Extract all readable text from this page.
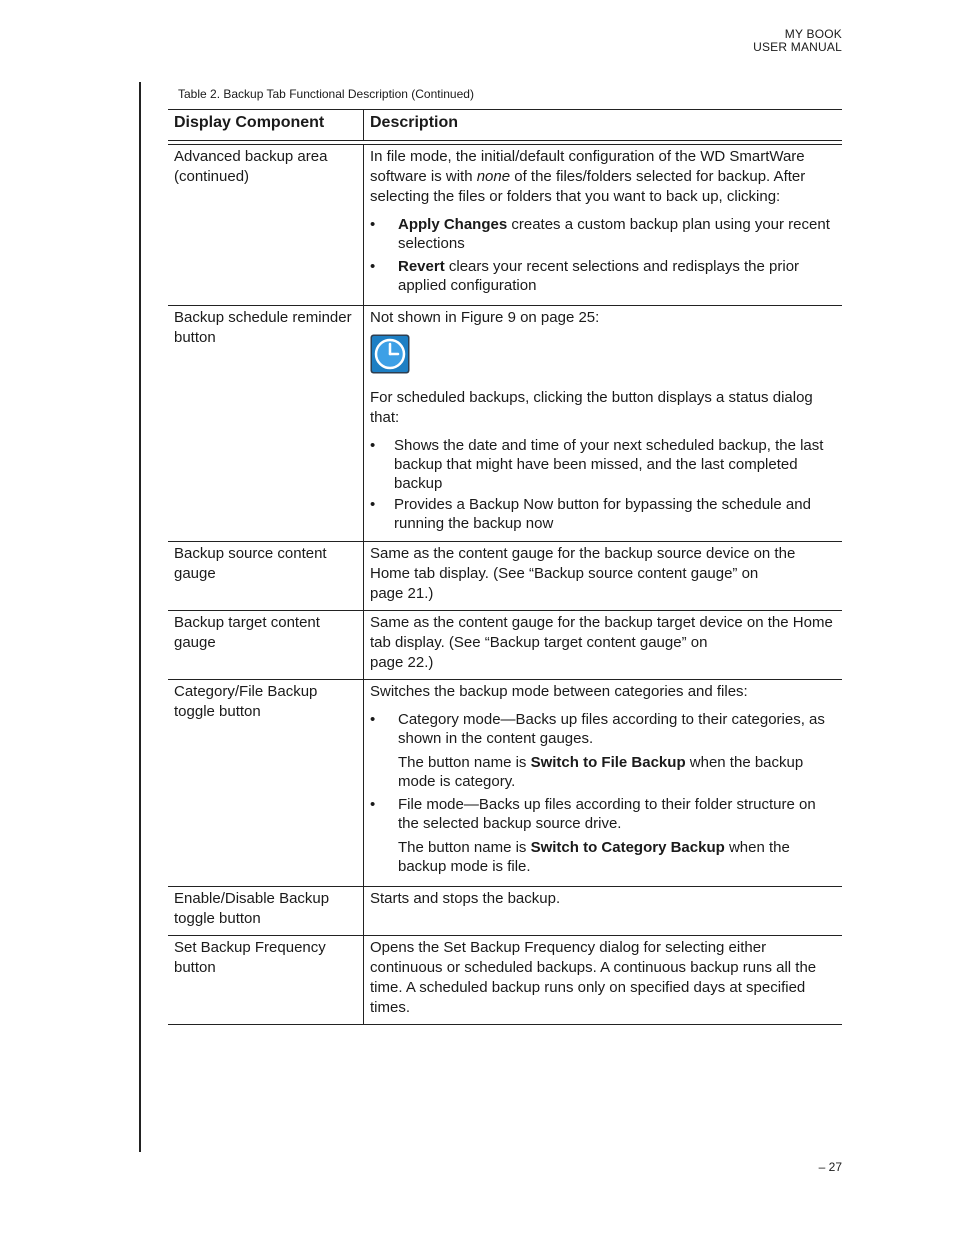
MY BOOK
USER MANUAL
Table 2. Backup Tab Functional Description (Continued)
Display Component	Description
Advanced backup area (continued)

In file mode, the initial/default configuration of the WD SmartWare software is with none of the files/folders selected for backup. After selecting the files or folders that you want to back up, clicking:

• Apply Changes creates a custom backup plan using your recent selections
• Revert clears your recent selections and redisplays the prior applied configuration
Backup schedule reminder button

Not shown in Figure 9 on page 25:

For scheduled backups, clicking the button displays a status dialog that:

• Shows the date and time of your next scheduled backup, the last backup that might have been missed, and the last completed backup
• Provides a Backup Now button for bypassing the schedule and running the backup now
Backup source content gauge

Same as the content gauge for the backup source device on the Home tab display. (See “Backup source content gauge” on

page 21.)

Backup target content gauge

Same as the content gauge for the backup target device on the Home tab display. (See “Backup target content gauge” on

page 22.)

Category/File Backup toggle button

Switches the backup mode between categories and files:

• Category mode—Backs up files according to their categories, as shown in the content gauges.

The button name is Switch to File Backup when the backup mode is category.

• File mode—Backs up files according to their folder structure on the selected backup source drive.

The button name is Switch to Category Backup when the backup mode is file.

Enable/Disable Backup toggle button
Starts and stops the backup.
Set Backup Frequency button
Opens the Set Backup Frequency dialog for selecting either continuous or scheduled backups. A continuous backup runs all the time. A scheduled backup runs only on specified days at specified times.
– 27
